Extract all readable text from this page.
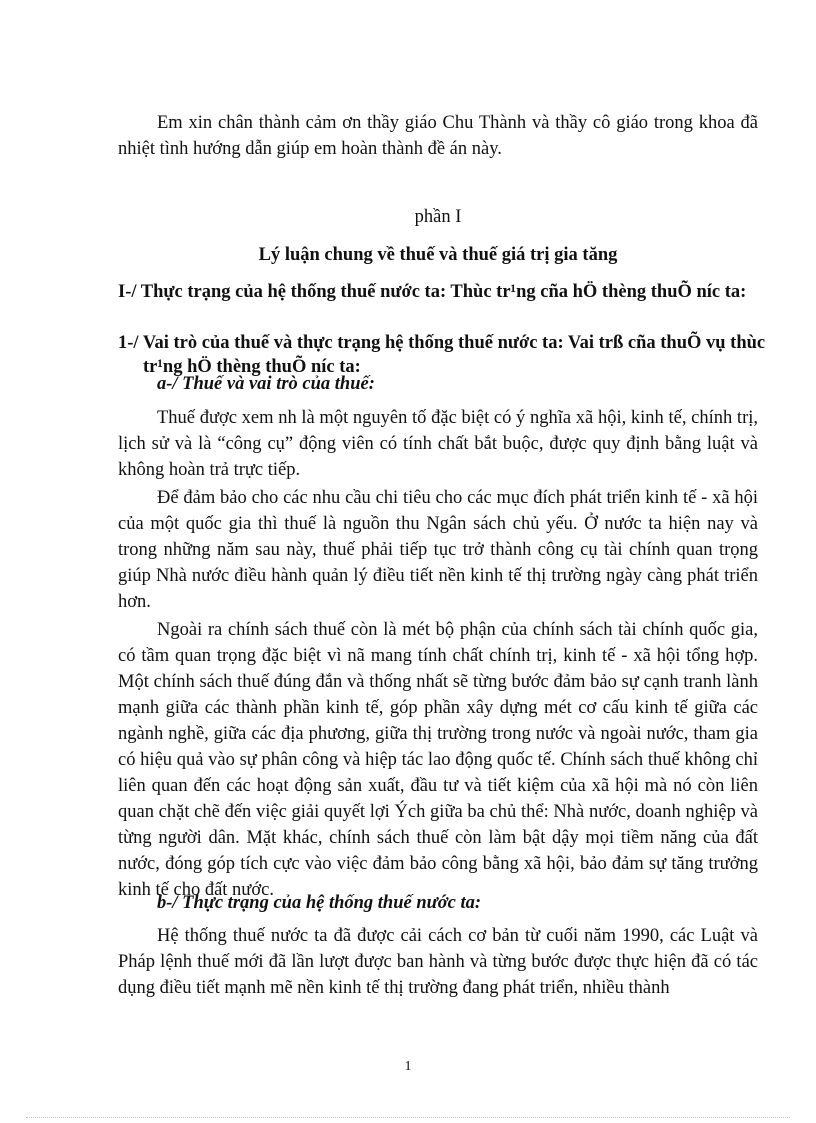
Em xin chân thành cảm ơn thầy giáo Chu Thành và thầy cô giáo trong khoa đã nhiệt tình hướng dẫn giúp em hoàn thành đề án này.

phần I

Lý luận chung về thuế và thuế giá trị gia tăng

I-/ Thực trạng của hệ thống thuế nước ta: Thùc tr¹ng cña hÖ thèng thuÕ níc ta:

1-/ Vai trò của thuế và thực trạng hệ thống thuế nước ta: Vai trß cña thuÕ vụ thùc tr¹ng hÖ thèng thuÕ níc ta:

a-/ Thuế và vai trò của thuế:

Thuế được xem nh là một nguyên tố đặc biệt có ý nghĩa xã hội, kinh tế, chính trị, lịch sử và là “công cụ” động viên có tính chất bắt buộc, được quy định bằng luật và không hoàn trả trực tiếp.

Để đảm bảo cho các nhu cầu chi tiêu cho các mục đích phát triển kinh tế - xã hội của một quốc gia thì thuế là nguồn thu Ngân sách chủ yếu. Ở nước ta hiện nay và trong những năm sau này, thuế phải tiếp tục trở thành công cụ tài chính quan trọng giúp Nhà nước điều hành quản lý điều tiết nền kinh tế thị trường ngày càng phát triển hơn.

Ngoài ra chính sách thuế còn là mét bộ phận của chính sách tài chính quốc gia, có tầm quan trọng đặc biệt vì nã mang tính chất chính trị, kinh tế - xã hội tổng hợp. Một chính sách thuế đúng đắn và thống nhất sẽ từng bước đảm bảo sự cạnh tranh lành mạnh giữa các thành phần kinh tế, góp phần xây dựng mét cơ cấu kinh tế giữa các ngành nghề, giữa các địa phương, giữa thị trường trong nước và ngoài nước, tham gia có hiệu quả vào sự phân công và hiệp tác lao động quốc tế. Chính sách thuế không chỉ liên quan đến các hoạt động sản xuất, đầu tư và tiết kiệm của xã hội mà nó còn liên quan chặt chẽ đến việc giải quyết lợi Ých giữa ba chủ thể: Nhà nước, doanh nghiệp và từng người dân. Mặt khác, chính sách thuế còn làm bật dậy mọi tiềm năng của đất nước, đóng góp tích cực vào việc đảm bảo công bằng xã hội, bảo đảm sự tăng trưởng kinh tế cho đất nước.

b-/ Thực trạng của hệ thống thuế nước ta:

Hệ thống thuế nước ta đã được cải cách cơ bản từ cuối năm 1990, các Luật và Pháp lệnh thuế mới đã lần lượt được ban hành và từng bước được thực hiện đã có tác dụng điều tiết mạnh mẽ nền kinh tế thị trường đang phát triển, nhiều thành

1
